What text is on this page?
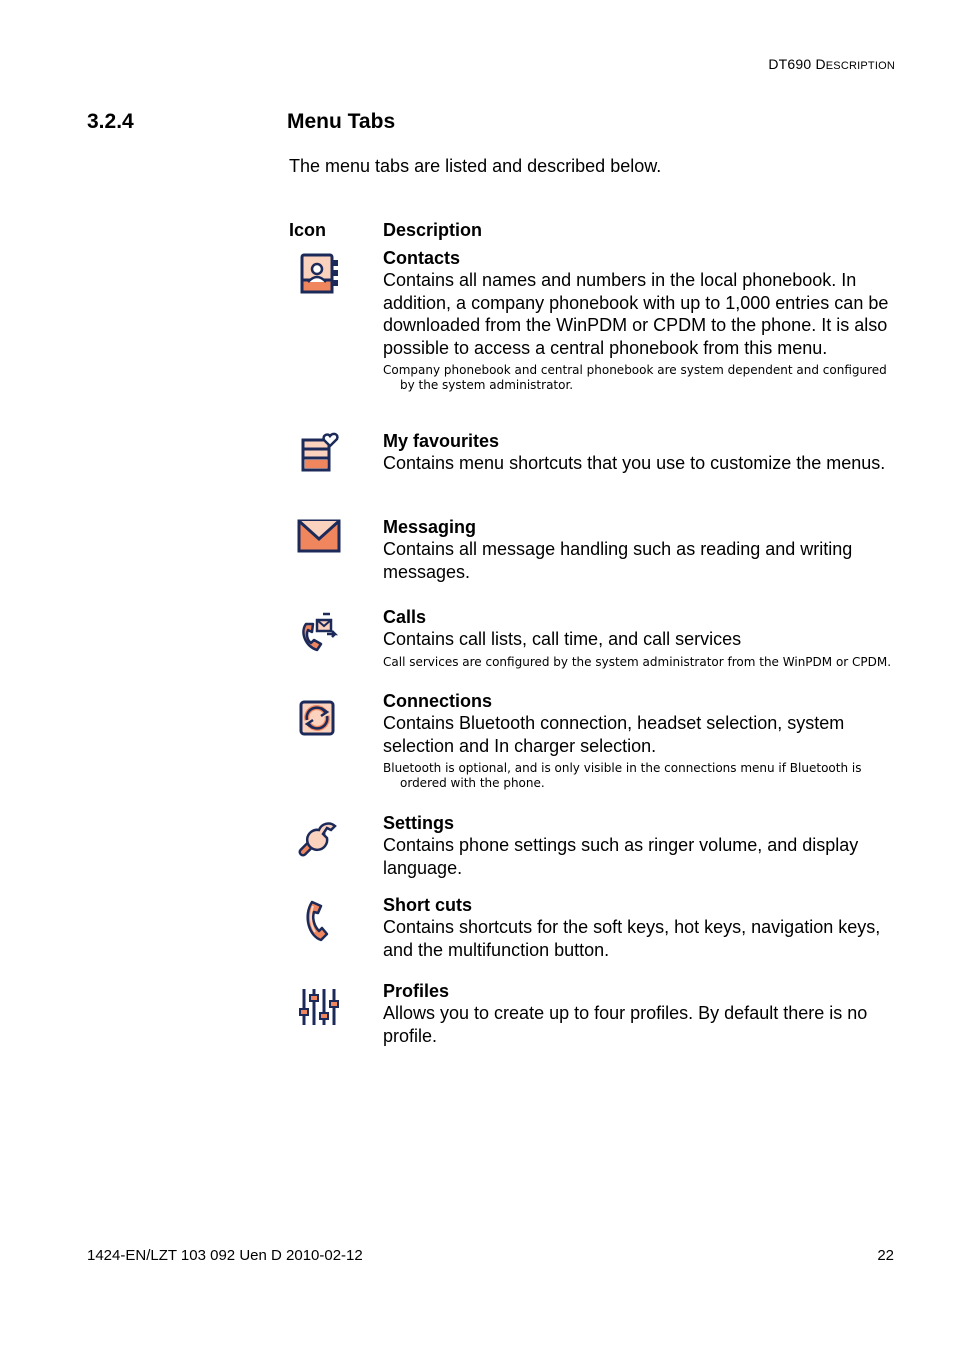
DT690 DESCRIPTION
3.2.4	Menu Tabs
The menu tabs are listed and described below.
Icon	Description
Contacts
Contains all names and numbers in the local phonebook. In addition, a company phonebook with up to 1,000 entries can be downloaded from the WinPDM or CPDM to the phone. It is also possible to access a central phonebook from this menu.
Company phonebook and central phonebook are system dependent and configured by the system administrator.
My favourites
Contains menu shortcuts that you use to customize the menus.
Messaging
Contains all message handling such as reading and writing messages.
Calls
Contains call lists, call time, and call services
Call services are configured by the system administrator from the WinPDM or CPDM.
Connections
Contains Bluetooth connection, headset selection, system selection and In charger selection.
Bluetooth is optional, and is only visible in the connections menu if Bluetooth is ordered with the phone.
Settings
Contains phone settings such as ringer volume, and display language.
Short cuts
Contains shortcuts for the soft keys, hot keys, navigation keys, and the multifunction button.
Profiles
Allows you to create up to four profiles. By default there is no profile.
1424-EN/LZT 103 092 Uen D 2010-02-12	22
